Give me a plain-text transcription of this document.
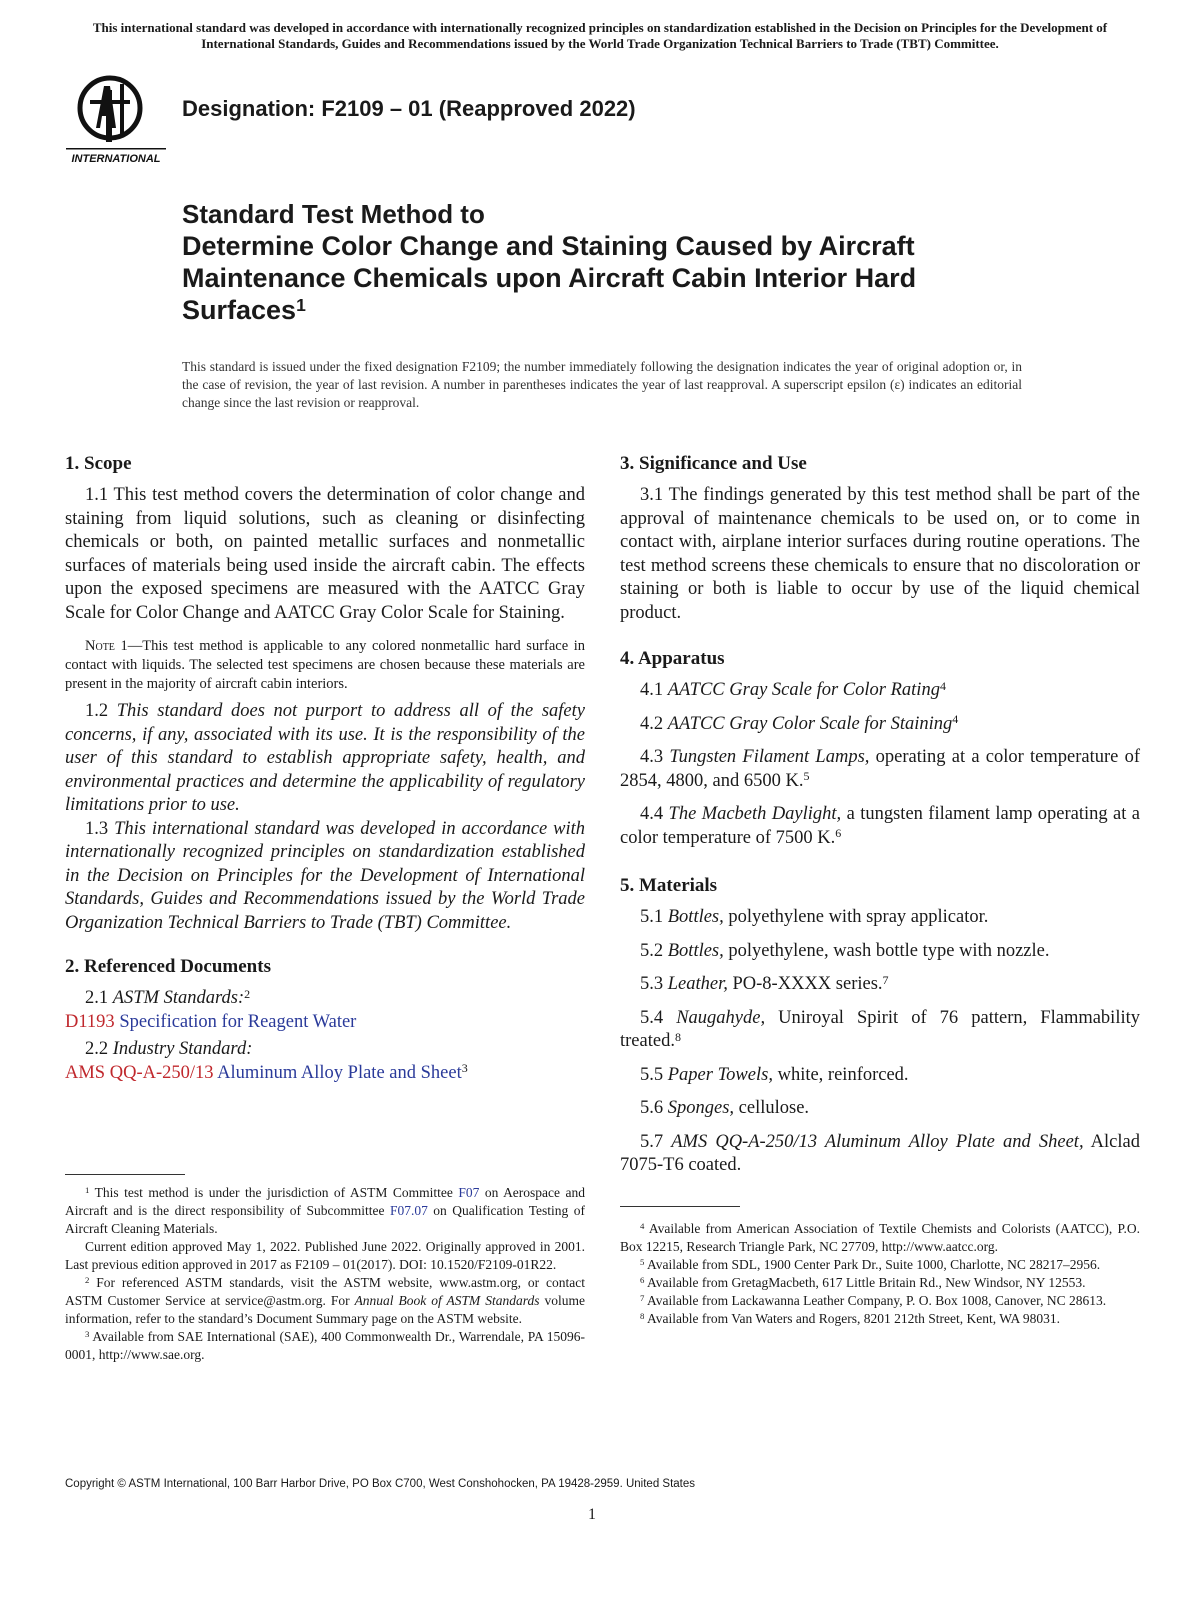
This international standard was developed in accordance with internationally recognized principles on standardization established in the Decision on Principles for the Development of International Standards, Guides and Recommendations issued by the World Trade Organization Technical Barriers to Trade (TBT) Committee.
INTERNATIONAL
Designation: F2109 – 01 (Reapproved 2022)
Standard Test Method to
Determine Color Change and Staining Caused by Aircraft Maintenance Chemicals upon Aircraft Cabin Interior Hard Surfaces$^1$
This standard is issued under the fixed designation F2109; the number immediately following the designation indicates the year of original adoption or, in the case of revision, the year of last revision. A number in parentheses indicates the year of last reapproval. A superscript epsilon (ε) indicates an editorial change since the last revision or reapproval.
1. Scope

1.1 This test method covers the determination of color change and staining from liquid solutions, such as cleaning or disinfecting chemicals or both, on painted metallic surfaces and nonmetallic surfaces of materials being used inside the aircraft cabin. The effects upon the exposed specimens are measured with the AATCC Gray Scale for Color Change and AATCC Gray Color Scale for Staining.

Note 1—This test method is applicable to any colored nonmetallic hard surface in contact with liquids. The selected test specimens are chosen because these materials are present in the majority of aircraft cabin interiors.

1.2 This standard does not purport to address all of the safety concerns, if any, associated with its use. It is the responsibility of the user of this standard to establish appropriate safety, health, and environmental practices and determine the applicability of regulatory limitations prior to use.

1.3 This international standard was developed in accordance with internationally recognized principles on standardization established in the Decision on Principles for the Development of International Standards, Guides and Recommendations issued by the World Trade Organization Technical Barriers to Trade (TBT) Committee.

2. Referenced Documents

2.1 ASTM Standards:$^2$

D1193 Specification for Reagent Water

2.2 Industry Standard:

AMS QQ-A-250/13 Aluminum Alloy Plate and Sheet$^3$

3. Significance and Use

3.1 The findings generated by this test method shall be part of the approval of maintenance chemicals to be used on, or to come in contact with, airplane interior surfaces during routine operations. The test method screens these chemicals to ensure that no discoloration or staining or both is liable to occur by use of the liquid chemical product.

4. Apparatus

4.1 AATCC Gray Scale for Color Rating$^4$

4.2 AATCC Gray Color Scale for Staining$^4$

4.3 Tungsten Filament Lamps, operating at a color temperature of 2854, 4800, and 6500 K.$^5$

4.4 The Macbeth Daylight, a tungsten filament lamp operating at a color temperature of 7500 K.$^6$

5. Materials

5.1 Bottles, polyethylene with spray applicator.

5.2 Bottles, polyethylene, wash bottle type with nozzle.

5.3 Leather, PO-8-XXXX series.$^7$

5.4 Naugahyde, Uniroyal Spirit of 76 pattern, Flammability treated.$^8$

5.5 Paper Towels, white, reinforced.

5.6 Sponges, cellulose.

5.7 AMS QQ-A-250/13 Aluminum Alloy Plate and Sheet, Alclad 7075-T6 coated.

$^1$ This test method is under the jurisdiction of ASTM Committee F07 on Aerospace and Aircraft and is the direct responsibility of Subcommittee F07.07 on Qualification Testing of Aircraft Cleaning Materials.

Current edition approved May 1, 2022. Published June 2022. Originally approved in 2001. Last previous edition approved in 2017 as F2109 – 01(2017). DOI: 10.1520/F2109-01R22.

$^2$ For referenced ASTM standards, visit the ASTM website, www.astm.org, or contact ASTM Customer Service at service@astm.org. For Annual Book of ASTM Standards volume information, refer to the standard’s Document Summary page on the ASTM website.

$^3$ Available from SAE International (SAE), 400 Commonwealth Dr., Warrendale, PA 15096-0001, http://www.sae.org.

$^4$ Available from American Association of Textile Chemists and Colorists (AATCC), P.O. Box 12215, Research Triangle Park, NC 27709, http://www.aatcc.org.

$^5$ Available from SDL, 1900 Center Park Dr., Suite 1000, Charlotte, NC 28217–2956.

$^6$ Available from GretagMacbeth, 617 Little Britain Rd., New Windsor, NY 12553.

$^7$ Available from Lackawanna Leather Company, P. O. Box 1008, Canover, NC 28613.

$^8$ Available from Van Waters and Rogers, 8201 212th Street, Kent, WA 98031.

Copyright © ASTM International, 100 Barr Harbor Drive, PO Box C700, West Conshohocken, PA 19428-2959. United States
1
